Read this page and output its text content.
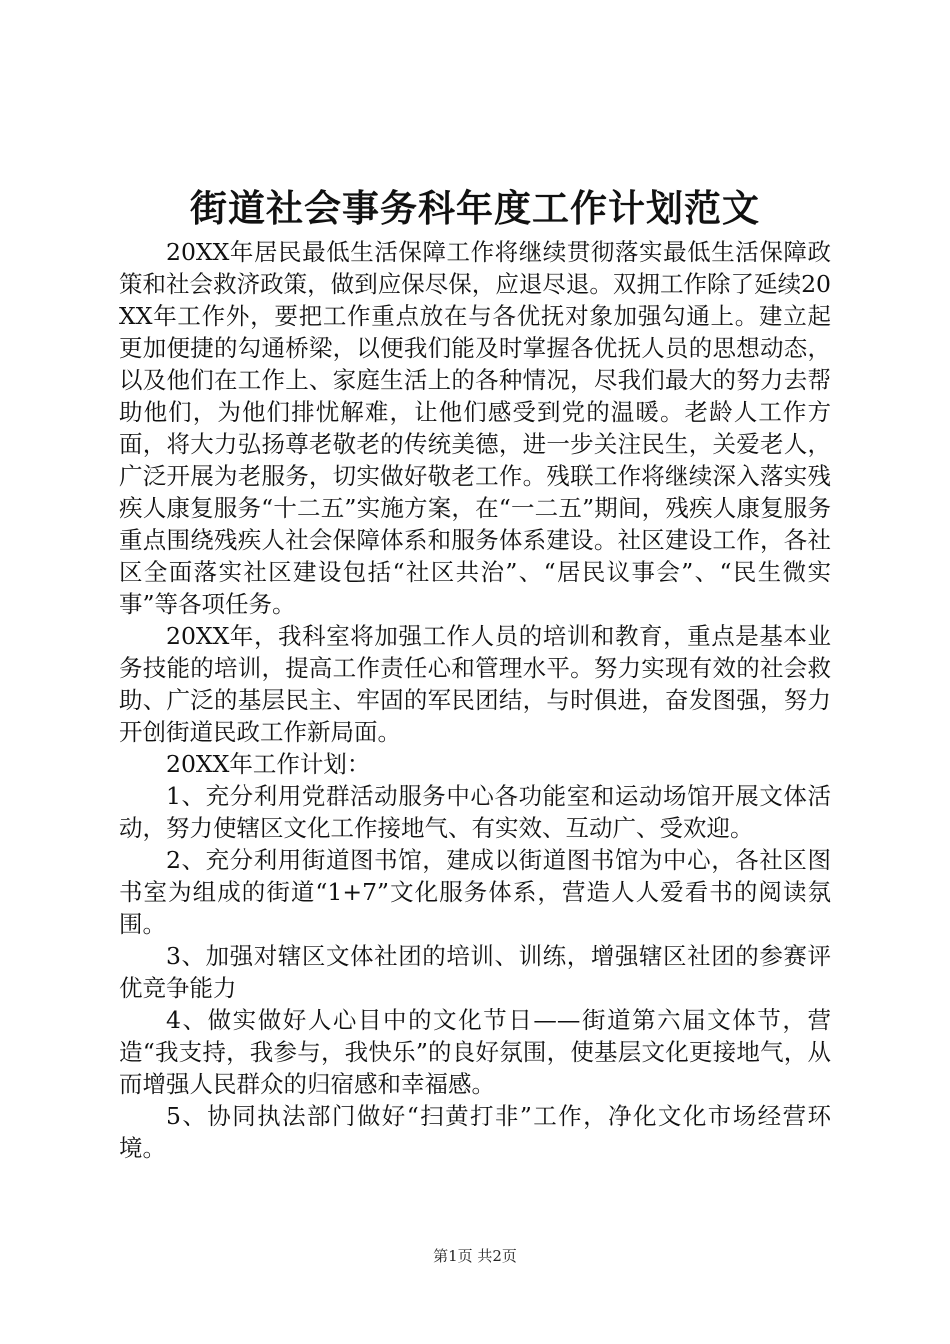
街道社会事务科年度工作计划范文

20XX年居民最低生活保障工作将继续贯彻落实最低生活保障政策和社会救济政策，做到应保尽保，应退尽退。双拥工作除了延续20XX年工作外，要把工作重点放在与各优抚对象加强勾通上。建立起更加便捷的勾通桥梁，以便我们能及时掌握各优抚人员的思想动态，以及他们在工作上、家庭生活上的各种情况，尽我们最大的努力去帮助他们，为他们排忧解难，让他们感受到党的温暖。老龄人工作方面，将大力弘扬尊老敬老的传统美德，进一步关注民生，关爱老人，广泛开展为老服务，切实做好敬老工作。残联工作将继续深入落实残疾人康复服务“十二五”实施方案，在“一二五”期间，残疾人康复服务重点围绕残疾人社会保障体系和服务体系建设。社区建设工作，各社区全面落实社区建设包括“社区共治”、“居民议事会”、“民生微实事”等各项任务。

20XX年，我科室将加强工作人员的培训和教育，重点是基本业务技能的培训，提高工作责任心和管理水平。努力实现有效的社会救助、广泛的基层民主、牢固的军民团结，与时俱进，奋发图强，努力开创街道民政工作新局面。

20XX年工作计划：

1、充分利用党群活动服务中心各功能室和运动场馆开展文体活动，努力使辖区文化工作接地气、有实效、互动广、受欢迎。

2、充分利用街道图书馆，建成以街道图书馆为中心，各社区图书室为组成的街道“1+7”文化服务体系，营造人人爱看书的阅读氛围。

3、加强对辖区文体社团的培训、训练，增强辖区社团的参赛评优竞争能力

4、做实做好人心目中的文化节日——街道第六届文体节，营造“我支持，我参与，我快乐”的良好氛围，使基层文化更接地气，从而增强人民群众的归宿感和幸福感。

5、协同执法部门做好“扫黄打非”工作，净化文化市场经营环境。

第1页 共2页
